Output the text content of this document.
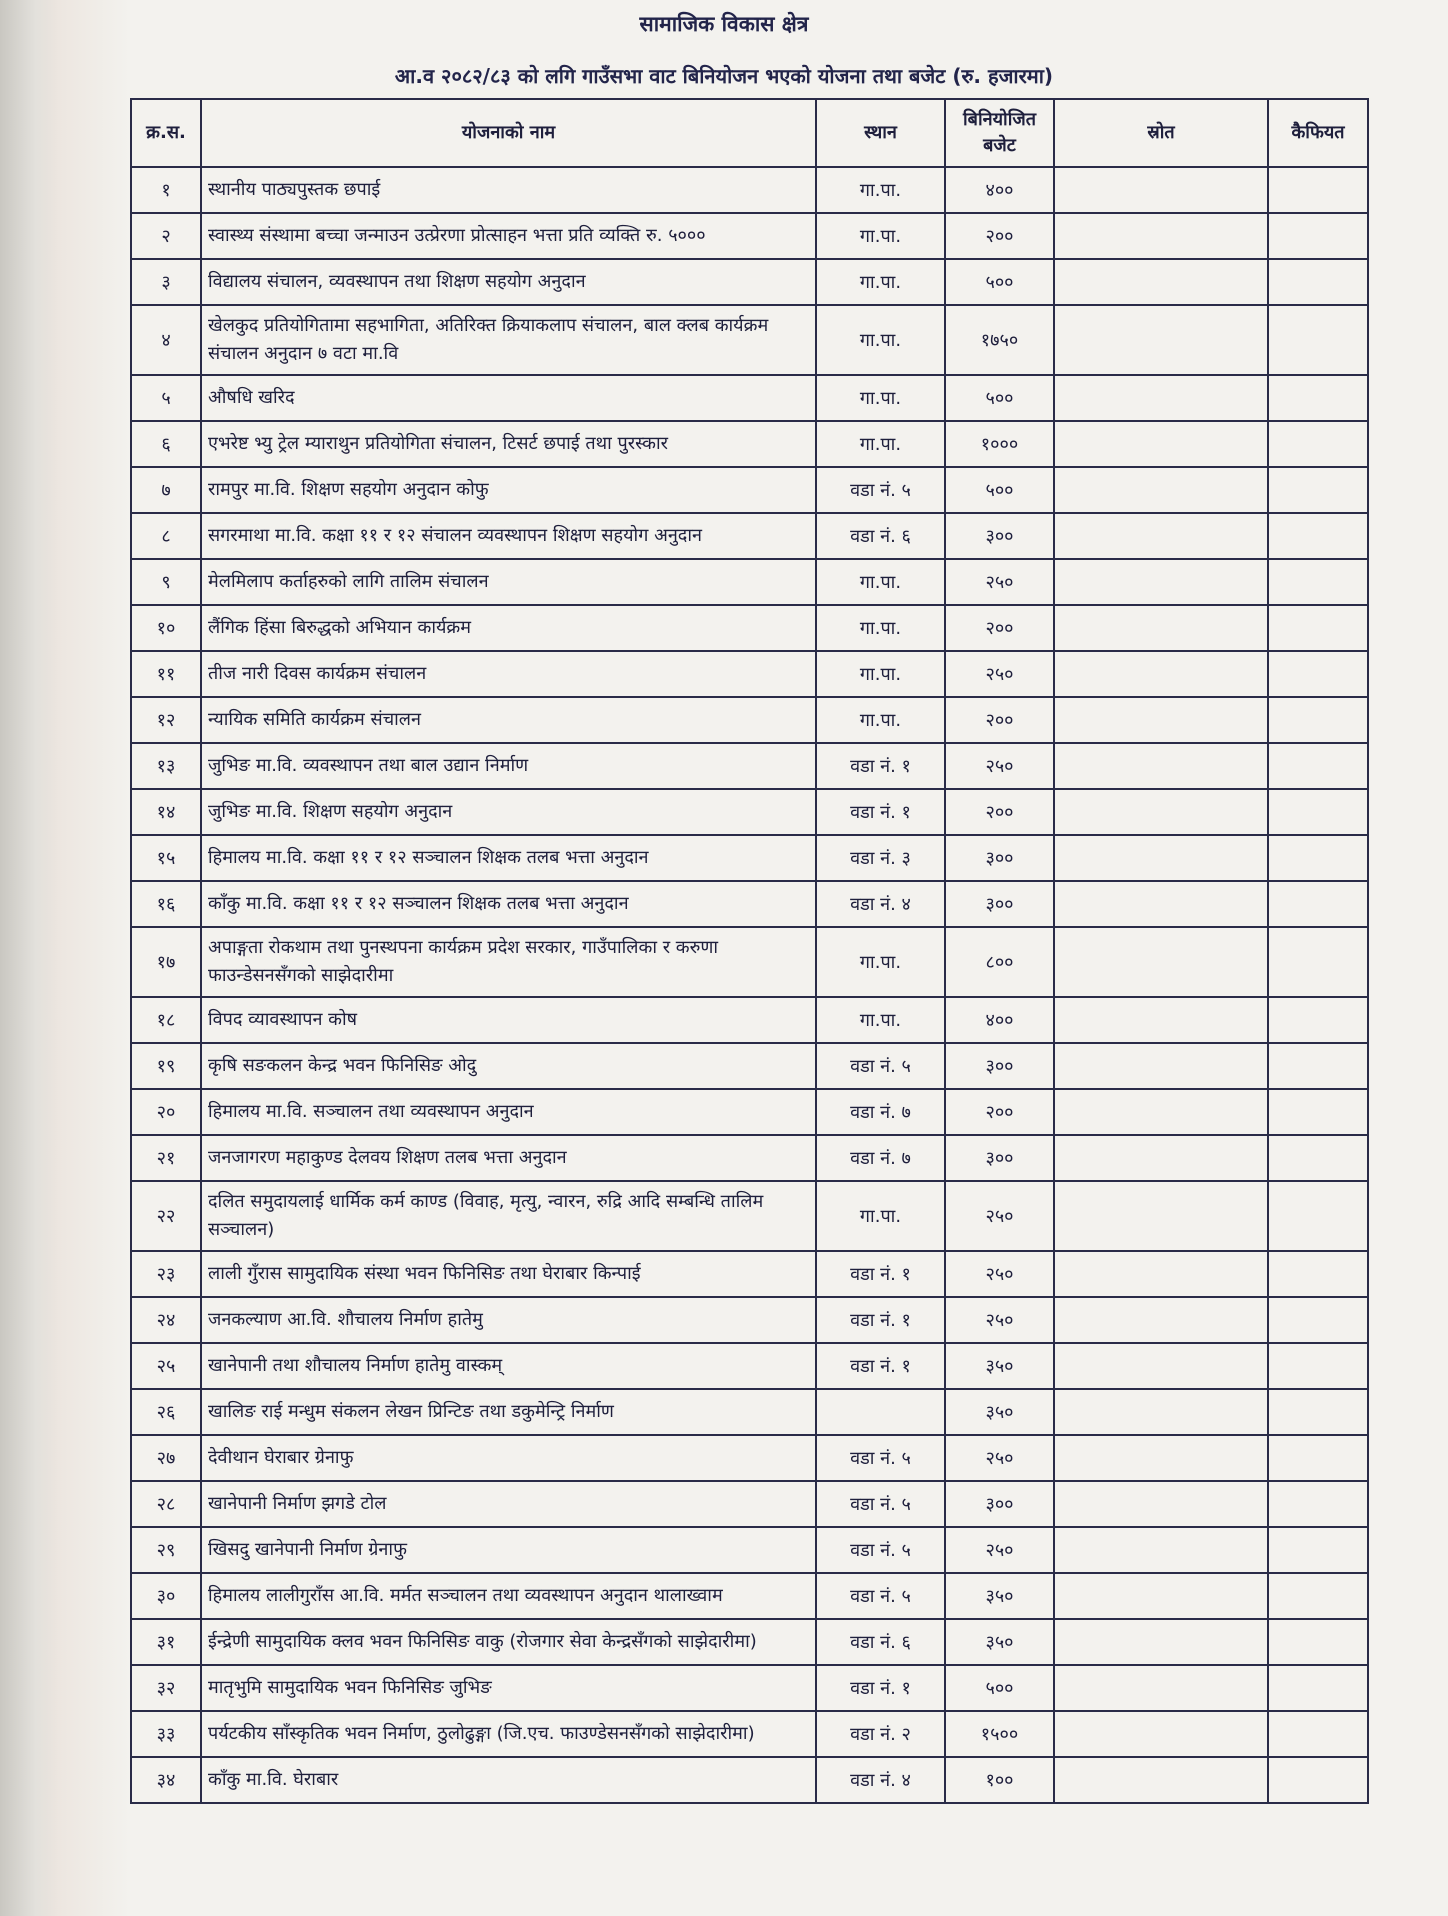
सामाजिक विकास क्षेत्र
आ.व २०८२/८३ को लगि गाउँसभा वाट बिनियोजन भएको योजना तथा बजेट (रु. हजारमा)
क्र.स.	योजनाको नाम	स्थान	बिनियोजित बजेट	स्रोत	कैफियत
१	स्थानीय पाठ्यपुस्तक छपाई	गा.पा.	४००		
२	स्वास्थ्य संस्थामा बच्चा जन्माउन उत्प्रेरणा प्रोत्साहन भत्ता प्रति व्यक्ति रु. ५०००	गा.पा.	२००		
३	विद्यालय संचालन, व्यवस्थापन तथा शिक्षण सहयोग अनुदान	गा.पा.	५००		
४	खेलकुद प्रतियोगितामा सहभागिता, अतिरिक्त क्रियाकलाप संचालन, बाल क्लब कार्यक्रम संचालन अनुदान ७ वटा मा.वि	गा.पा.	१७५०		
५	औषधि खरिद	गा.पा.	५००		
६	एभरेष्ट भ्यु ट्रेल म्याराथुन प्रतियोगिता संचालन, टिसर्ट छपाई तथा पुरस्कार	गा.पा.	१०००		
७	रामपुर मा.वि. शिक्षण सहयोग अनुदान कोफु	वडा नं. ५	५००		
८	सगरमाथा मा.वि. कक्षा ११ र १२ संचालन व्यवस्थापन शिक्षण सहयोग अनुदान	वडा नं. ६	३००		
९	मेलमिलाप कर्ताहरुको लागि तालिम संचालन	गा.पा.	२५०		
१०	लैंगिक हिंसा बिरुद्धको अभियान कार्यक्रम	गा.पा.	२००		
११	तीज नारी दिवस कार्यक्रम संचालन	गा.पा.	२५०		
१२	न्यायिक समिति कार्यक्रम संचालन	गा.पा.	२००		
१३	जुभिङ मा.वि. व्यवस्थापन तथा बाल उद्यान निर्माण	वडा नं. १	२५०		
१४	जुभिङ मा.वि. शिक्षण सहयोग अनुदान	वडा नं. १	२००		
१५	हिमालय मा.वि. कक्षा ११ र १२ सञ्चालन शिक्षक तलब भत्ता अनुदान	वडा नं. ३	३००		
१६	काँकु मा.वि. कक्षा ११ र १२ सञ्चालन शिक्षक तलब भत्ता अनुदान	वडा नं. ४	३००		
१७	अपाङ्गता रोकथाम तथा पुनस्थपना कार्यक्रम प्रदेश सरकार, गाउँपालिका र करुणा फाउन्डेसनसँगको साझेदारीमा	गा.पा.	८००		
१८	विपद व्यावस्थापन कोष	गा.पा.	४००		
१९	कृषि सङकलन केन्द्र भवन फिनिसिङ ओदु	वडा नं. ५	३००		
२०	हिमालय मा.वि. सञ्चालन तथा व्यवस्थापन अनुदान	वडा नं. ७	२००		
२१	जनजागरण महाकुण्ड देलवय शिक्षण तलब भत्ता अनुदान	वडा नं. ७	३००		
२२	दलित समुदायलाई धार्मिक कर्म काण्ड (विवाह, मृत्यु, न्वारन, रुद्रि आदि सम्बन्धि तालिम सञ्चालन)	गा.पा.	२५०		
२३	लाली गुँरास सामुदायिक संस्था भवन फिनिसिङ तथा घेराबार किन्पाई	वडा नं. १	२५०		
२४	जनकल्याण आ.वि. शौचालय निर्माण हातेमु	वडा नं. १	२५०		
२५	खानेपानी तथा शौचालय निर्माण हातेमु वास्कम्	वडा नं. १	३५०		
२६	खालिङ राई मन्धुम संकलन लेखन प्रिन्टिङ तथा डकुमेन्ट्रि निर्माण		३५०		
२७	देवीथान घेराबार ग्रेनाफु	वडा नं. ५	२५०		
२८	खानेपानी निर्माण झगडे टोल	वडा नं. ५	३००		
२९	खिसदु खानेपानी निर्माण ग्रेनाफु	वडा नं. ५	२५०		
३०	हिमालय लालीगुराँस आ.वि. मर्मत सञ्चालन तथा व्यवस्थापन अनुदान थालाख्वाम	वडा नं. ५	३५०		
३१	ईन्द्रेणी सामुदायिक क्लव भवन फिनिसिङ वाकु (रोजगार सेवा केन्द्रसँगको साझेदारीमा)	वडा नं. ६	३५०		
३२	मातृभुमि सामुदायिक भवन फिनिसिङ जुभिङ	वडा नं. १	५००		
३३	पर्यटकीय साँस्कृतिक भवन निर्माण, ठुलोढुङ्गा (जि.एच. फाउण्डेसनसँगको साझेदारीमा)	वडा नं. २	१५००		
३४	काँकु मा.वि. घेराबार	वडा नं. ४	१००		
